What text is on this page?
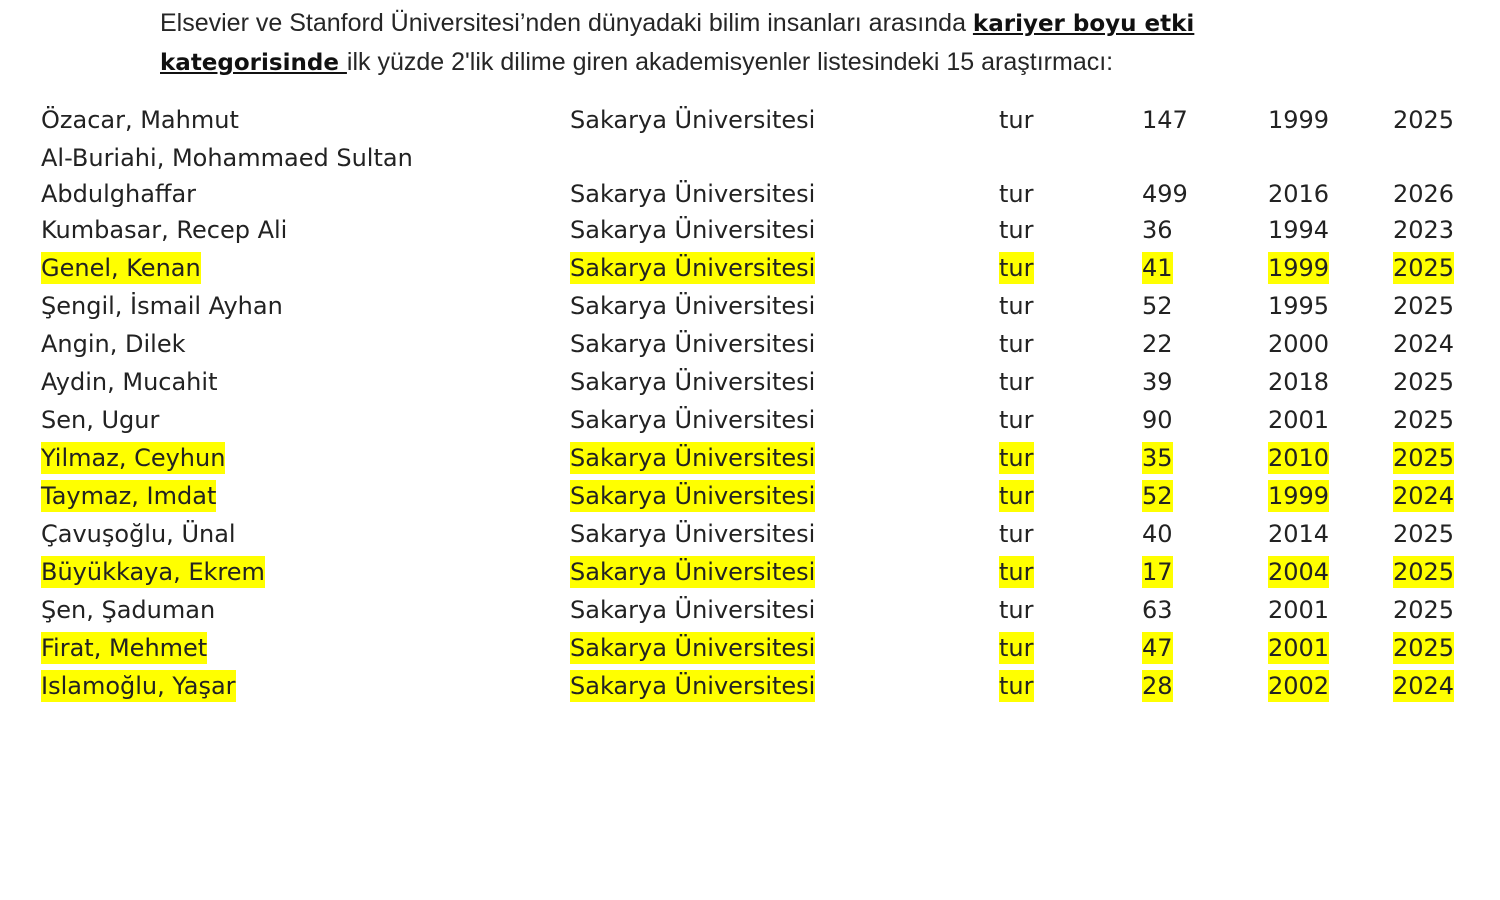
Elsevier ve Stanford Üniversitesi’nden dünyadaki bilim insanları arasında kariyer boyu etki kategorisinde ilk yüzde 2'lik dilime giren akademisyenler listesindeki 15 araştırmacı:
Özacar, Mahmut	Sakarya Üniversitesi	tur	147	1999	2025
Al-Buriahi, Mohammaed Sultan
Abdulghaffar	Sakarya Üniversitesi	tur	499	2016	2026
Kumbasar, Recep Ali	Sakarya Üniversitesi	tur	36	1994	2023
Genel, Kenan	Sakarya Üniversitesi	tur	41	1999	2025
Şengil, İsmail Ayhan	Sakarya Üniversitesi	tur	52	1995	2025
Angin, Dilek	Sakarya Üniversitesi	tur	22	2000	2024
Aydin, Mucahit	Sakarya Üniversitesi	tur	39	2018	2025
Sen, Ugur	Sakarya Üniversitesi	tur	90	2001	2025
Yilmaz, Ceyhun	Sakarya Üniversitesi	tur	35	2010	2025
Taymaz, Imdat	Sakarya Üniversitesi	tur	52	1999	2024
Çavuşoğlu, Ünal	Sakarya Üniversitesi	tur	40	2014	2025
Büyükkaya, Ekrem	Sakarya Üniversitesi	tur	17	2004	2025
Şen, Şaduman	Sakarya Üniversitesi	tur	63	2001	2025
Firat, Mehmet	Sakarya Üniversitesi	tur	47	2001	2025
Islamoğlu, Yaşar	Sakarya Üniversitesi	tur	28	2002	2024
